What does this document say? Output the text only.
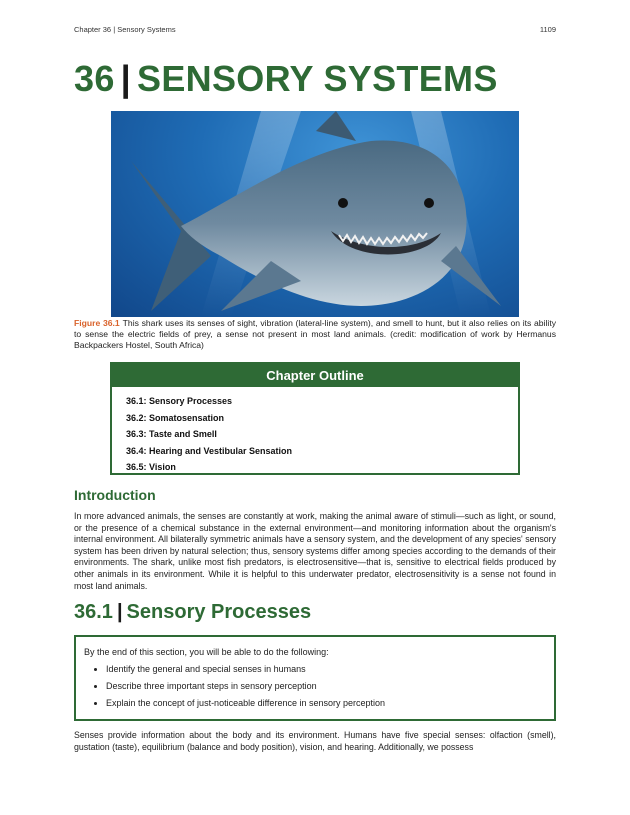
Chapter 36 | Sensory Systems	1109
36 | SENSORY SYSTEMS
Figure 36.1 This shark uses its senses of sight, vibration (lateral-line system), and smell to hunt, but it also relies on its ability to sense the electric fields of prey, a sense not present in most land animals. (credit: modification of work by Hermanus Backpackers Hostel, South Africa)
Chapter Outline
36.1: Sensory Processes
36.2: Somatosensation
36.3: Taste and Smell
36.4: Hearing and Vestibular Sensation
36.5: Vision
Introduction

In more advanced animals, the senses are constantly at work, making the animal aware of stimuli—such as light, or sound, or the presence of a chemical substance in the external environment—and monitoring information about the organism's internal environment. All bilaterally symmetric animals have a sensory system, and the development of any species' sensory system has been driven by natural selection; thus, sensory systems differ among species according to the demands of their environments. The shark, unlike most fish predators, is electrosensitive—that is, sensitive to electrical fields produced by other animals in its environment. While it is helpful to this underwater predator, electrosensitivity is a sense not found in most land animals.

36.1 | Sensory Processes

By the end of this section, you will be able to do the following:

• Identify the general and special senses in humans
• Describe three important steps in sensory perception
• Explain the concept of just-noticeable difference in sensory perception

Senses provide information about the body and its environment. Humans have five special senses: olfaction (smell), gustation (taste), equilibrium (balance and body position), vision, and hearing. Additionally, we possess
